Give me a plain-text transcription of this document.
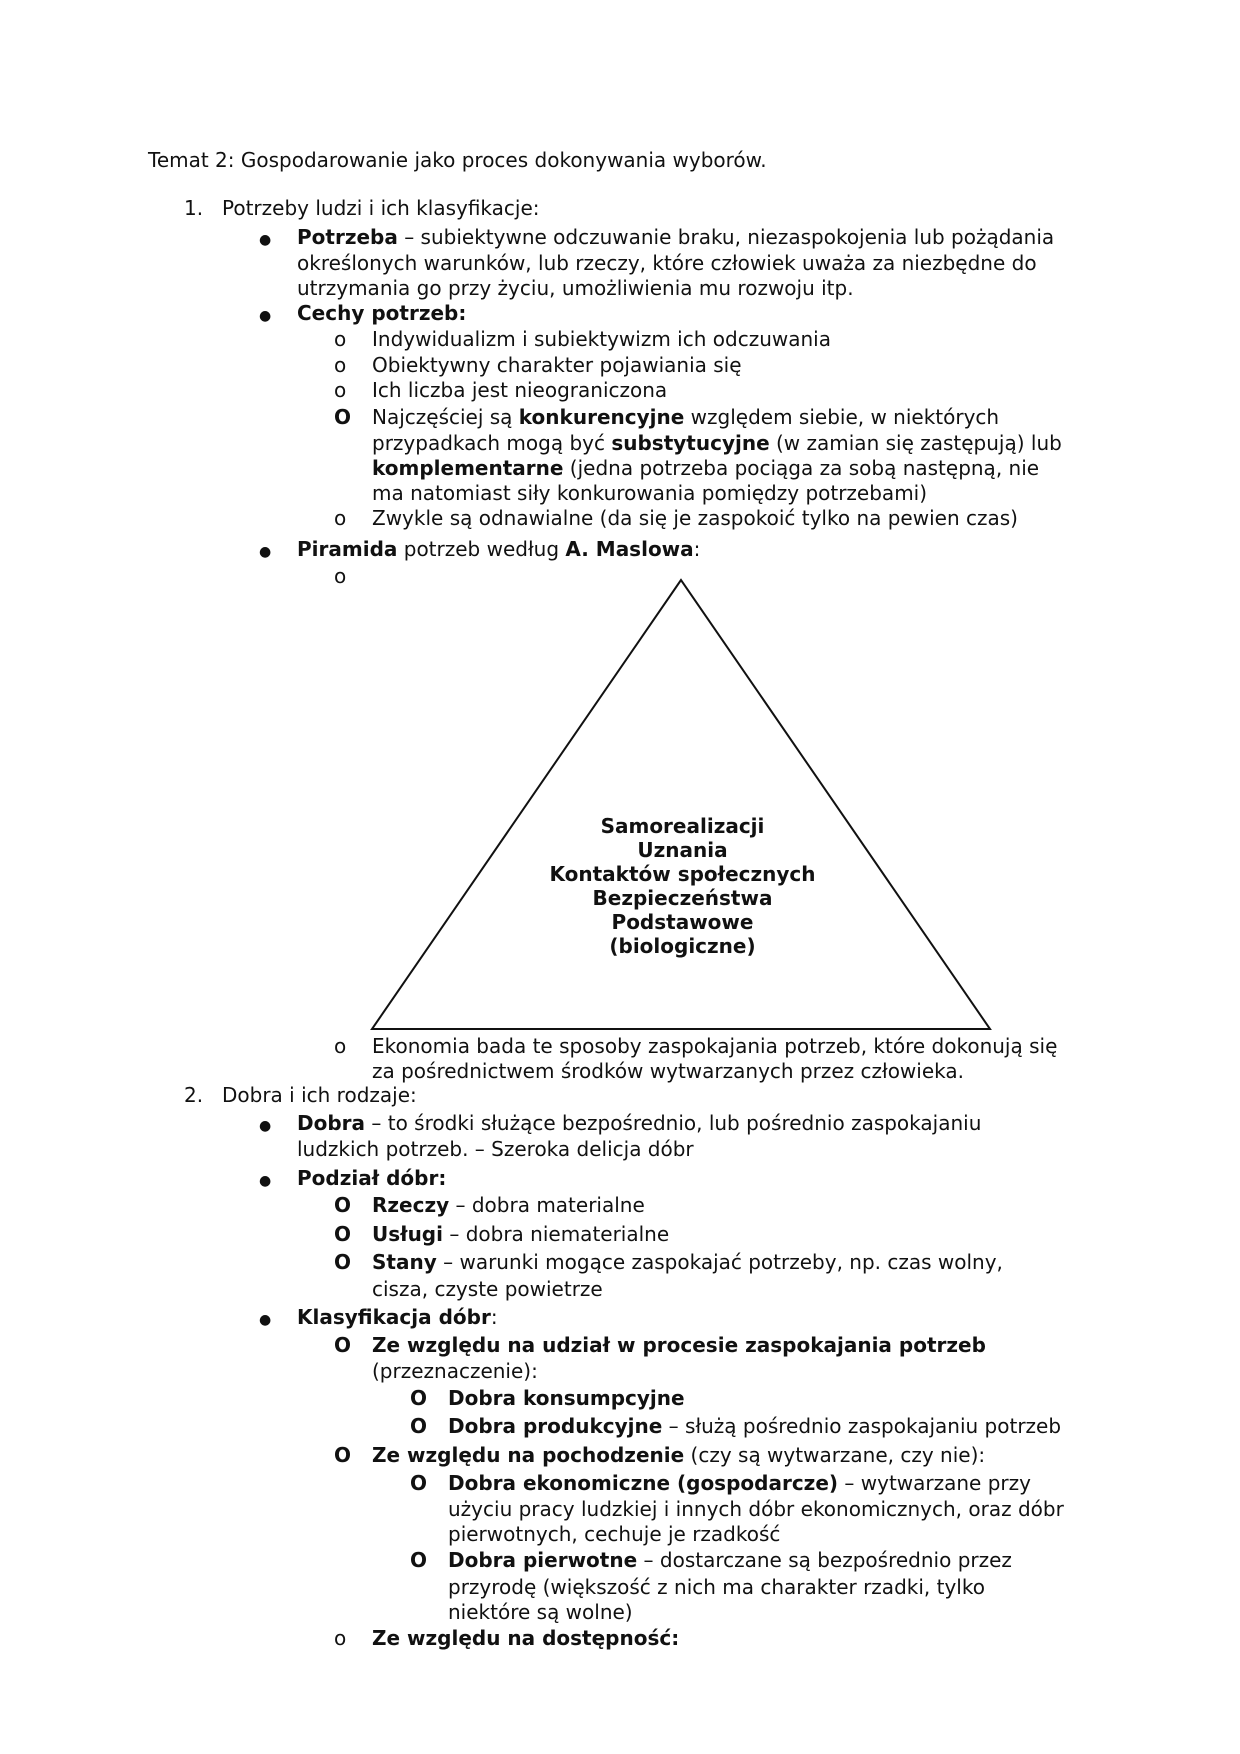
Temat 2: Gospodarowanie jako proces dokonywania wyborów.
1. Potrzeby ludzi i ich klasyfikacje:
● Potrzeba – subiektywne odczuwanie braku, niezaspokojenia lub pożądania
określonych warunków, lub rzeczy, które człowiek uważa za niezbędne do
utrzymania go przy życiu, umożliwienia mu rozwoju itp.
● Cechy potrzeb:
o Indywidualizm i subiektywizm ich odczuwania
o Obiektywny charakter pojawiania się
o Ich liczba jest nieograniczona
O Najczęściej są konkurencyjne względem siebie, w niektórych
przypadkach mogą być substytucyjne (w zamian się zastępują) lub
komplementarne (jedna potrzeba pociąga za sobą następną, nie
ma natomiast siły konkurowania pomiędzy potrzebami)
o Zwykle są odnawialne (da się je zaspokoić tylko na pewien czas)
● Piramida potrzeb według A. Maslowa:
o
Samorealizacji
Uznania
Kontaktów społecznych
Bezpieczeństwa
Podstawowe
(biologiczne)
o Ekonomia bada te sposoby zaspokajania potrzeb, które dokonują się
za pośrednictwem środków wytwarzanych przez człowieka.
2. Dobra i ich rodzaje:
● Dobra – to środki służące bezpośrednio, lub pośrednio zaspokajaniu
ludzkich potrzeb. – Szeroka delicja dóbr
● Podział dóbr:
O Rzeczy – dobra materialne
O Usługi – dobra niematerialne
O Stany – warunki mogące zaspokajać potrzeby, np. czas wolny,
cisza, czyste powietrze
● Klasyfikacja dóbr:
O Ze względu na udział w procesie zaspokajania potrzeb
(przeznaczenie):
O Dobra konsumpcyjne
O Dobra produkcyjne – służą pośrednio zaspokajaniu potrzeb
O Ze względu na pochodzenie (czy są wytwarzane, czy nie):
O Dobra ekonomiczne (gospodarcze) – wytwarzane przy
użyciu pracy ludzkiej i innych dóbr ekonomicznych, oraz dóbr
pierwotnych, cechuje je rzadkość
O Dobra pierwotne – dostarczane są bezpośrednio przez
przyrodę (większość z nich ma charakter rzadki, tylko
niektóre są wolne)
o Ze względu na dostępność:
